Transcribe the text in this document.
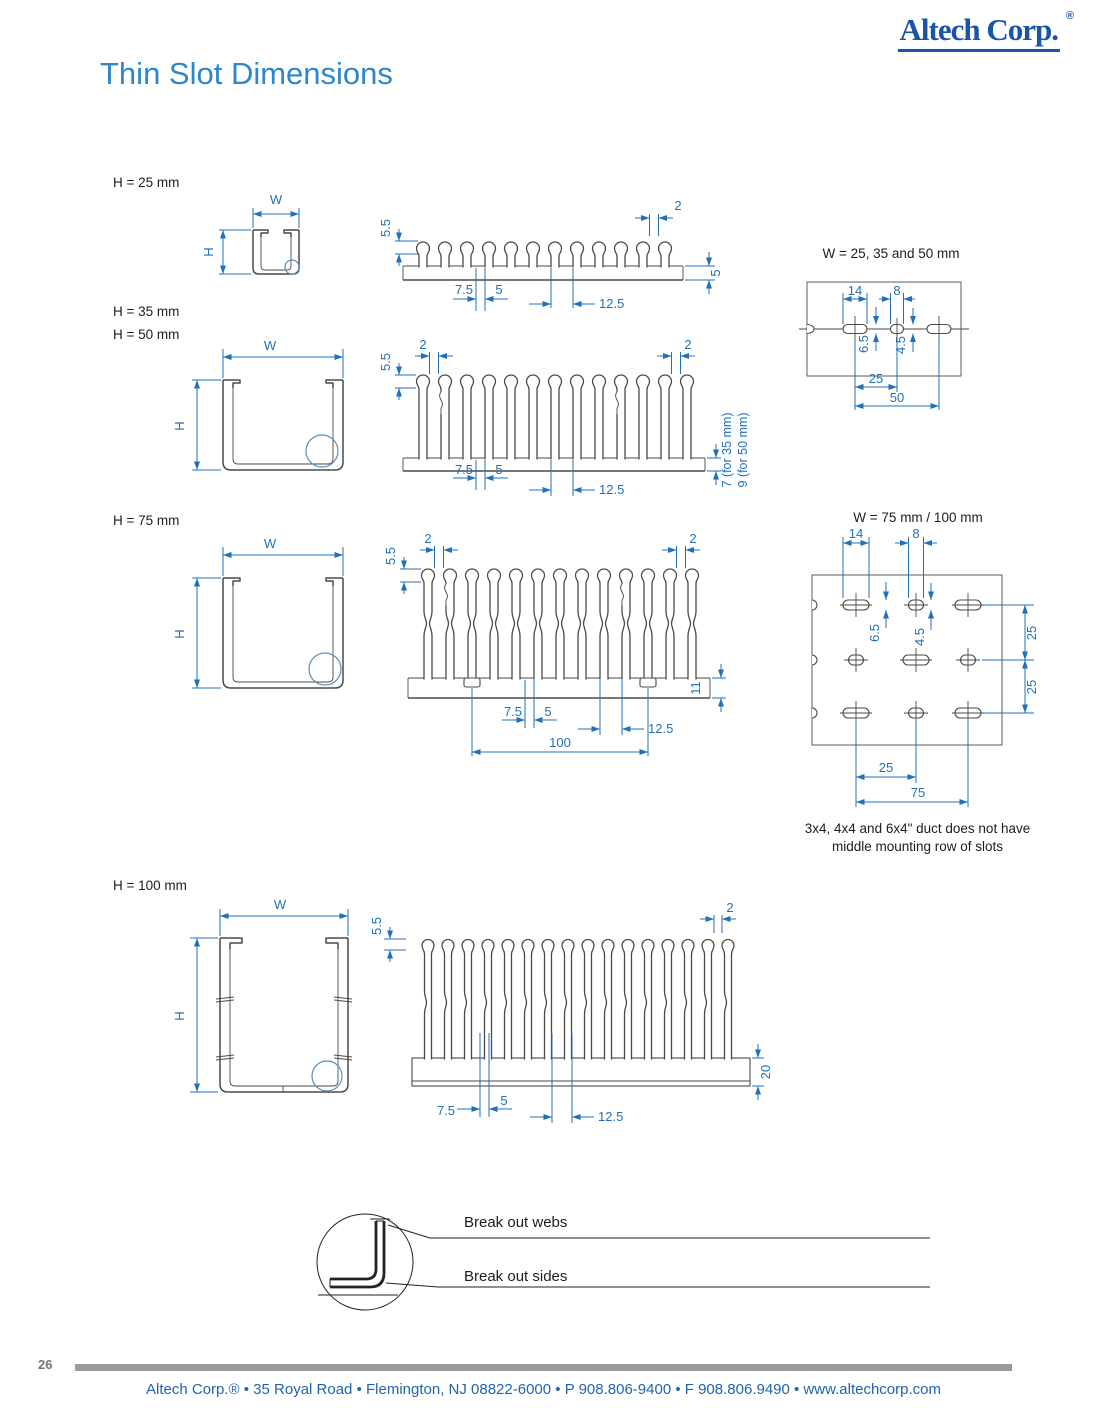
Altech Corp. ®
Thin Slot Dimensions
H = 25 mm
H = 35 mm
H = 50 mm
H = 75 mm
H = 100 mm
W
H
5.5
2
5
7.5 5
12.5
W = 25, 35 and 50 mm
14 8
6.5 4.5
25
50
W
H
5.5
2	2
7 (for 35 mm) 9 (for 50 mm)
7.5 5
12.5
W
H
5.5
2	2
11
7.5 5
12.5
100
W = 75 mm / 100 mm
14	8
6.5 4.5	25
25
25
75
3x4, 4x4 and 6x4" duct does not have
middle mounting row of slots
W
H
5.5
2
20
7.5
5
12.5
Break out webs
Break out sides
26
Altech Corp.® • 35 Royal Road • Flemington, NJ 08822-6000 • P 908.806-9400 • F 908.806.9490 • www.altechcorp.com
